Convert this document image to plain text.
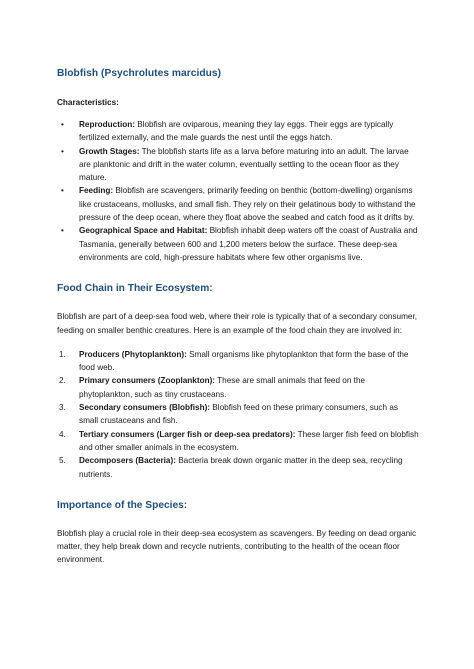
Blobfish (Psychrolutes marcidus)

Characteristics:

• Reproduction: Blobfish are oviparous, meaning they lay eggs. Their eggs are typically fertilized externally, and the male guards the nest until the eggs hatch.
• Growth Stages: The blobfish starts life as a larva before maturing into an adult. The larvae are planktonic and drift in the water column, eventually settling to the ocean floor as they mature.
• Feeding: Blobfish are scavengers, primarily feeding on benthic (bottom-dwelling) organisms like crustaceans, mollusks, and small fish. They rely on their gelatinous body to withstand the pressure of the deep ocean, where they float above the seabed and catch food as it drifts by.
• Geographical Space and Habitat: Blobfish inhabit deep waters off the coast of Australia and Tasmania, generally between 600 and 1,200 meters below the surface. These deep-sea environments are cold, high-pressure habitats where few other organisms live.
Food Chain in Their Ecosystem:

Blobfish are part of a deep-sea food web, where their role is typically that of a secondary consumer, feeding on smaller benthic creatures. Here is an example of the food chain they are involved in:

1. Producers (Phytoplankton): Small organisms like phytoplankton that form the base of the food web.
2. Primary consumers (Zooplankton): These are small animals that feed on the phytoplankton, such as tiny crustaceans.
3. Secondary consumers (Blobfish): Blobfish feed on these primary consumers, such as small crustaceans and fish.
4. Tertiary consumers (Larger fish or deep-sea predators): These larger fish feed on blobfish and other smaller animals in the ecosystem.
5. Decomposers (Bacteria): Bacteria break down organic matter in the deep sea, recycling nutrients.
Importance of the Species:

Blobfish play a crucial role in their deep-sea ecosystem as scavengers. By feeding on dead organic matter, they help break down and recycle nutrients, contributing to the health of the ocean floor environment.
